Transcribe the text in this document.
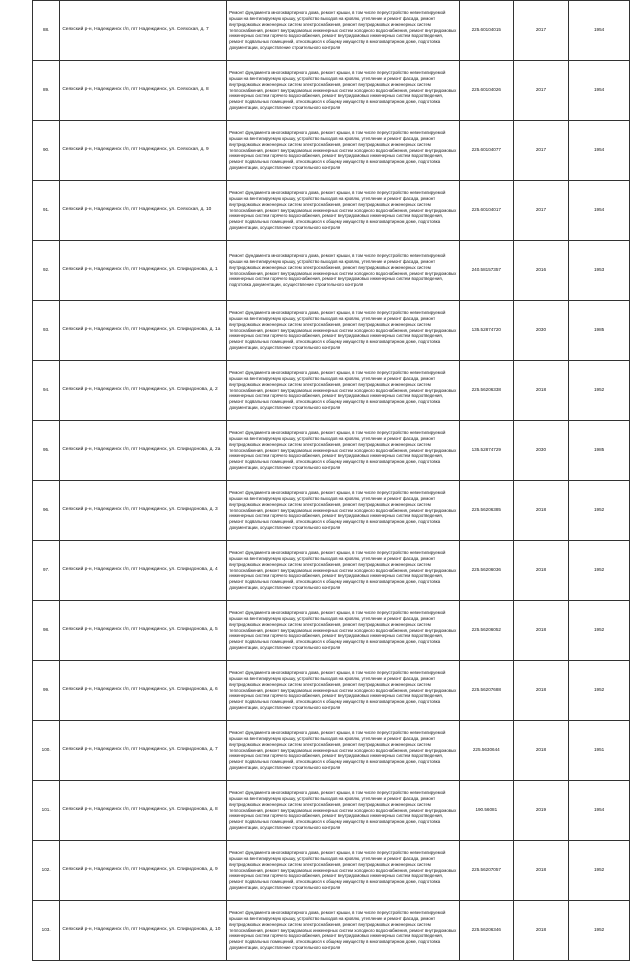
88.	Сеяхский р-н, Надеждинск г/п, пгт Надеждинск, ул. Сеяхская, д. 7	Ремонт фундамента многоквартирного дома, ремонт крыши, в том числе переустройство невентилируемой крыши на вентилируемую крышу, устройство выходов на кровлю, утепление и ремонт фасада, ремонт внутридомовых инженерных систем электроснабжения, ремонт внутридомовых инженерных систем теплоснабжения, ремонт внутридомовых инженерных систем холодного водоснабжения, ремонт внутридомовых инженерных систем горячего водоснабжения, ремонт внутридомовых инженерных систем водоотведения, ремонт подвальных помещений, относящихся к общему имуществу в многоквартирном доме, подготовка документации, осуществление строительного контроля	225.60104015	2017	1954
89.	Сеяхский р-н, Надеждинск г/п, пгт Надеждинск, ул. Сеяхская, д. 8	Ремонт фундамента многоквартирного дома, ремонт крыши, в том числе переустройство невентилируемой крыши на вентилируемую крышу, устройство выходов на кровлю, утепление и ремонт фасада, ремонт внутридомовых инженерных систем электроснабжения, ремонт внутридомовых инженерных систем теплоснабжения, ремонт внутридомовых инженерных систем холодного водоснабжения, ремонт внутридомовых инженерных систем горячего водоснабжения, ремонт внутридомовых инженерных систем водоотведения, ремонт подвальных помещений, относящихся к общему имуществу в многоквартирном доме, подготовка документации, осуществление строительного контроля	225.60104026	2017	1954
90.	Сеяхский р-н, Надеждинск г/п, пгт Надеждинск, ул. Сеяхская, д. 9	Ремонт фундамента многоквартирного дома, ремонт крыши, в том числе переустройство невентилируемой крыши на вентилируемую крышу, устройство выходов на кровлю, утепление и ремонт фасада, ремонт внутридомовых инженерных систем электроснабжения, ремонт внутридомовых инженерных систем теплоснабжения, ремонт внутридомовых инженерных систем холодного водоснабжения, ремонт внутридомовых инженерных систем горячего водоснабжения, ремонт внутридомовых инженерных систем водоотведения, ремонт подвальных помещений, относящихся к общему имуществу в многоквартирном доме, подготовка документации, осуществление строительного контроля	225.60104077	2017	1954
91.	Сеяхский р-н, Надеждинск г/п, пгт Надеждинск, ул. Сеяхская, д. 10	Ремонт фундамента многоквартирного дома, ремонт крыши, в том числе переустройство невентилируемой крыши на вентилируемую крышу, устройство выходов на кровлю, утепление и ремонт фасада, ремонт внутридомовых инженерных систем электроснабжения, ремонт внутридомовых инженерных систем теплоснабжения, ремонт внутридомовых инженерных систем холодного водоснабжения, ремонт внутридомовых инженерных систем горячего водоснабжения, ремонт внутридомовых инженерных систем водоотведения, ремонт подвальных помещений, относящихся к общему имуществу в многоквартирном доме, подготовка документации, осуществление строительного контроля	225.60104017	2017	1954
92.	Сеяхский р-н, Надеждинск г/п, пгт Надеждинск, ул. Спиридонова, д. 1	Ремонт фундамента многоквартирного дома, ремонт крыши, в том числе переустройство невентилируемой крыши на вентилируемую крышу, устройство выходов на кровлю, утепление и ремонт фасада, ремонт внутридомовых инженерных систем электроснабжения, ремонт внутридомовых инженерных систем теплоснабжения, ремонт внутридомовых инженерных систем холодного водоснабжения, ремонт внутридомовых инженерных систем горячего водоснабжения, ремонт внутридомовых инженерных систем водоотведения, подготовка документации, осуществление строительного контроля	240.58157357	2016	1953
93.	Сеяхский р-н, Надеждинск г/п, пгт Надеждинск, ул. Спиридонова, д. 1а	Ремонт фундамента многоквартирного дома, ремонт крыши, в том числе переустройство невентилируемой крыши на вентилируемую крышу, устройство выходов на кровлю, утепление и ремонт фасада, ремонт внутридомовых инженерных систем электроснабжения, ремонт внутридомовых инженерных систем теплоснабжения, ремонт внутридомовых инженерных систем холодного водоснабжения, ремонт внутридомовых инженерных систем горячего водоснабжения, ремонт внутридомовых инженерных систем водоотведения, ремонт подвальных помещений, относящихся к общему имуществу в многоквартирном доме, подготовка документации, осуществление строительного контроля	135.52874720	2030	1985
94.	Сеяхский р-н, Надеждинск г/п, пгт Надеждинск, ул. Спиридонова, д. 2	Ремонт фундамента многоквартирного дома, ремонт крыши, в том числе переустройство невентилируемой крыши на вентилируемую крышу, устройство выходов на кровлю, утепление и ремонт фасада, ремонт внутридомовых инженерных систем электроснабжения, ремонт внутридомовых инженерных систем теплоснабжения, ремонт внутридомовых инженерных систем холодного водоснабжения, ремонт внутридомовых инженерных систем горячего водоснабжения, ремонт внутридомовых инженерных систем водоотведения, ремонт подвальных помещений, относящихся к общему имуществу в многоквартирном доме, подготовка документации, осуществление строительного контроля	225.56206338	2018	1952
95.	Сеяхский р-н, Надеждинск г/п, пгт Надеждинск, ул. Спиридонова, д. 2а	Ремонт фундамента многоквартирного дома, ремонт крыши, в том числе переустройство невентилируемой крыши на вентилируемую крышу, устройство выходов на кровлю, утепление и ремонт фасада, ремонт внутридомовых инженерных систем электроснабжения, ремонт внутридомовых инженерных систем теплоснабжения, ремонт внутридомовых инженерных систем холодного водоснабжения, ремонт внутридомовых инженерных систем горячего водоснабжения, ремонт внутридомовых инженерных систем водоотведения, ремонт подвальных помещений, относящихся к общему имуществу в многоквартирном доме, подготовка документации, осуществление строительного контроля	135.52874729	2030	1985
96.	Сеяхский р-н, Надеждинск г/п, пгт Надеждинск, ул. Спиридонова, д. 3	Ремонт фундамента многоквартирного дома, ремонт крыши, в том числе переустройство невентилируемой крыши на вентилируемую крышу, устройство выходов на кровлю, утепление и ремонт фасада, ремонт внутридомовых инженерных систем электроснабжения, ремонт внутридомовых инженерных систем теплоснабжения, ремонт внутридомовых инженерных систем холодного водоснабжения, ремонт внутридомовых инженерных систем горячего водоснабжения, ремонт внутридомовых инженерных систем водоотведения, ремонт подвальных помещений, относящихся к общему имуществу в многоквартирном доме, подготовка документации, осуществление строительного контроля	225.56206385	2018	1952
97.	Сеяхский р-н, Надеждинск г/п, пгт Надеждинск, ул. Спиридонова, д. 4	Ремонт фундамента многоквартирного дома, ремонт крыши, в том числе переустройство невентилируемой крыши на вентилируемую крышу, устройство выходов на кровлю, утепление и ремонт фасада, ремонт внутридомовых инженерных систем электроснабжения, ремонт внутридомовых инженерных систем теплоснабжения, ремонт внутридомовых инженерных систем холодного водоснабжения, ремонт внутридомовых инженерных систем горячего водоснабжения, ремонт внутридомовых инженерных систем водоотведения, ремонт подвальных помещений, относящихся к общему имуществу в многоквартирном доме, подготовка документации, осуществление строительного контроля	225.56206036	2018	1952
98.	Сеяхский р-н, Надеждинск г/п, пгт Надеждинск, ул. Спиридонова, д. 5	Ремонт фундамента многоквартирного дома, ремонт крыши, в том числе переустройство невентилируемой крыши на вентилируемую крышу, устройство выходов на кровлю, утепление и ремонт фасада, ремонт внутридомовых инженерных систем электроснабжения, ремонт внутридомовых инженерных систем теплоснабжения, ремонт внутридомовых инженерных систем холодного водоснабжения, ремонт внутридомовых инженерных систем горячего водоснабжения, ремонт внутридомовых инженерных систем водоотведения, ремонт подвальных помещений, относящихся к общему имуществу в многоквартирном доме, подготовка документации, осуществление строительного контроля	225.56206052	2018	1952
99.	Сеяхский р-н, Надеждинск г/п, пгт Надеждинск, ул. Спиридонова, д. 6	Ремонт фундамента многоквартирного дома, ремонт крыши, в том числе переустройство невентилируемой крыши на вентилируемую крышу, устройство выходов на кровлю, утепление и ремонт фасада, ремонт внутридомовых инженерных систем электроснабжения, ремонт внутридомовых инженерных систем теплоснабжения, ремонт внутридомовых инженерных систем холодного водоснабжения, ремонт внутридомовых инженерных систем горячего водоснабжения, ремонт внутридомовых инженерных систем водоотведения, ремонт подвальных помещений, относящихся к общему имуществу в многоквартирном доме, подготовка документации, осуществление строительного контроля	225.56207688	2018	1952
100.	Сеяхский р-н, Надеждинск г/п, пгт Надеждинск, ул. Спиридонова, д. 7	Ремонт фундамента многоквартирного дома, ремонт крыши, в том числе переустройство невентилируемой крыши на вентилируемую крышу, устройство выходов на кровлю, утепление и ремонт фасада, ремонт внутридомовых инженерных систем электроснабжения, ремонт внутридомовых инженерных систем теплоснабжения, ремонт внутридомовых инженерных систем холодного водоснабжения, ремонт внутридомовых инженерных систем горячего водоснабжения, ремонт внутридомовых инженерных систем водоотведения, ремонт подвальных помещений, относящихся к общему имуществу в многоквартирном доме, подготовка документации, осуществление строительного контроля	225.5630644	2018	1951
101.	Сеяхский р-н, Надеждинск г/п, пгт Надеждинск, ул. Спиридонова, д. 8	Ремонт фундамента многоквартирного дома, ремонт крыши, в том числе переустройство невентилируемой крыши на вентилируемую крышу, устройство выходов на кровлю, утепление и ремонт фасада, ремонт внутридомовых инженерных систем электроснабжения, ремонт внутридомовых инженерных систем теплоснабжения, ремонт внутридомовых инженерных систем холодного водоснабжения, ремонт внутридомовых инженерных систем горячего водоснабжения, ремонт внутридомовых инженерных систем водоотведения, ремонт подвальных помещений, относящихся к общему имуществу в многоквартирном доме, подготовка документации, осуществление строительного контроля	190.56081	2019	1954
102.	Сеяхский р-н, Надеждинск г/п, пгт Надеждинск, ул. Спиридонова, д. 9	Ремонт фундамента многоквартирного дома, ремонт крыши, в том числе переустройство невентилируемой крыши на вентилируемую крышу, устройство выходов на кровлю, утепление и ремонт фасада, ремонт внутридомовых инженерных систем электроснабжения, ремонт внутридомовых инженерных систем теплоснабжения, ремонт внутридомовых инженерных систем холодного водоснабжения, ремонт внутридомовых инженерных систем горячего водоснабжения, ремонт внутридомовых инженерных систем водоотведения, ремонт подвальных помещений, относящихся к общему имуществу в многоквартирном доме, подготовка документации, осуществление строительного контроля	225.56207057	2018	1952
103.	Сеяхский р-н, Надеждинск г/п, пгт Надеждинск, ул. Спиридонова, д. 10	Ремонт фундамента многоквартирного дома, ремонт крыши, в том числе переустройство невентилируемой крыши на вентилируемую крышу, устройство выходов на кровлю, утепление и ремонт фасада, ремонт внутридомовых инженерных систем электроснабжения, ремонт внутридомовых инженерных систем теплоснабжения, ремонт внутридомовых инженерных систем холодного водоснабжения, ремонт внутридомовых инженерных систем горячего водоснабжения, ремонт внутридомовых инженерных систем водоотведения, ремонт подвальных помещений, относящихся к общему имуществу в многоквартирном доме, подготовка документации, осуществление строительного контроля	225.56206346	2018	1952
